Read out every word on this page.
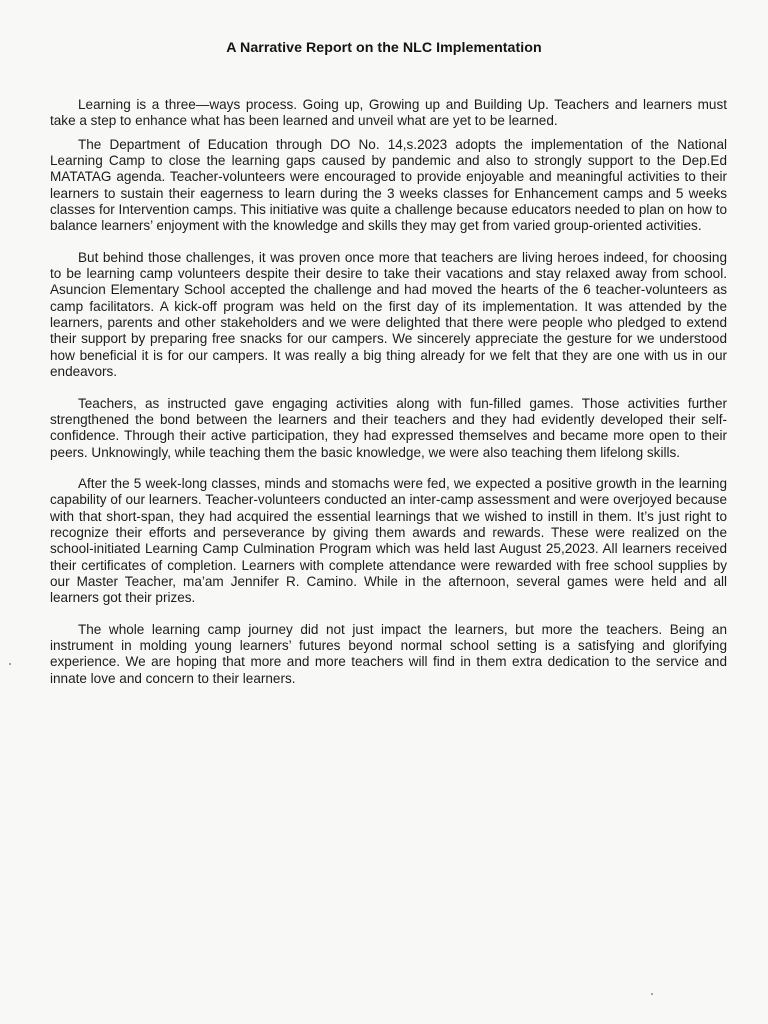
A Narrative Report on the NLC Implementation

Learning is a three—ways process. Going up, Growing up and Building Up. Teachers and learners must take a step to enhance what has been learned and unveil what are yet to be learned.

The Department of Education through DO No. 14,s.2023 adopts the implementation of the National Learning Camp to close the learning gaps caused by pandemic and also to strongly support to the Dep.Ed MATATAG agenda. Teacher-volunteers were encouraged to provide enjoyable and meaningful activities to their learners to sustain their eagerness to learn during the 3 weeks classes for Enhancement camps and 5 weeks classes for Intervention camps. This initiative was quite a challenge because educators needed to plan on how to balance learners’ enjoyment with the knowledge and skills they may get from varied group-oriented activities.

But behind those challenges, it was proven once more that teachers are living heroes indeed, for choosing to be learning camp volunteers despite their desire to take their vacations and stay relaxed away from school. Asuncion Elementary School accepted the challenge and had moved the hearts of the 6 teacher-volunteers as camp facilitators. A kick-off program was held on the first day of its implementation. It was attended by the learners, parents and other stakeholders and we were delighted that there were people who pledged to extend their support by preparing free snacks for our campers. We sincerely appreciate the gesture for we understood how beneficial it is for our campers. It was really a big thing already for we felt that they are one with us in our endeavors.

Teachers, as instructed gave engaging activities along with fun-filled games. Those activities further strengthened the bond between the learners and their teachers and they had evidently developed their self-confidence. Through their active participation, they had expressed themselves and became more open to their peers. Unknowingly, while teaching them the basic knowledge, we were also teaching them lifelong skills.

After the 5 week-long classes, minds and stomachs were fed, we expected a positive growth in the learning capability of our learners. Teacher-volunteers conducted an inter-camp assessment and were overjoyed because with that short-span, they had acquired the essential learnings that we wished to instill in them. It’s just right to recognize their efforts and perseverance by giving them awards and rewards. These were realized on the school-initiated Learning Camp Culmination Program which was held last August 25,2023. All learners received their certificates of completion. Learners with complete attendance were rewarded with free school supplies by our Master Teacher, ma’am Jennifer R. Camino. While in the afternoon, several games were held and all learners got their prizes.

The whole learning camp journey did not just impact the learners, but more the teachers. Being an instrument in molding young learners’ futures beyond normal school setting is a satisfying and glorifying experience. We are hoping that more and more teachers will find in them extra dedication to the service and innate love and concern to their learners.
